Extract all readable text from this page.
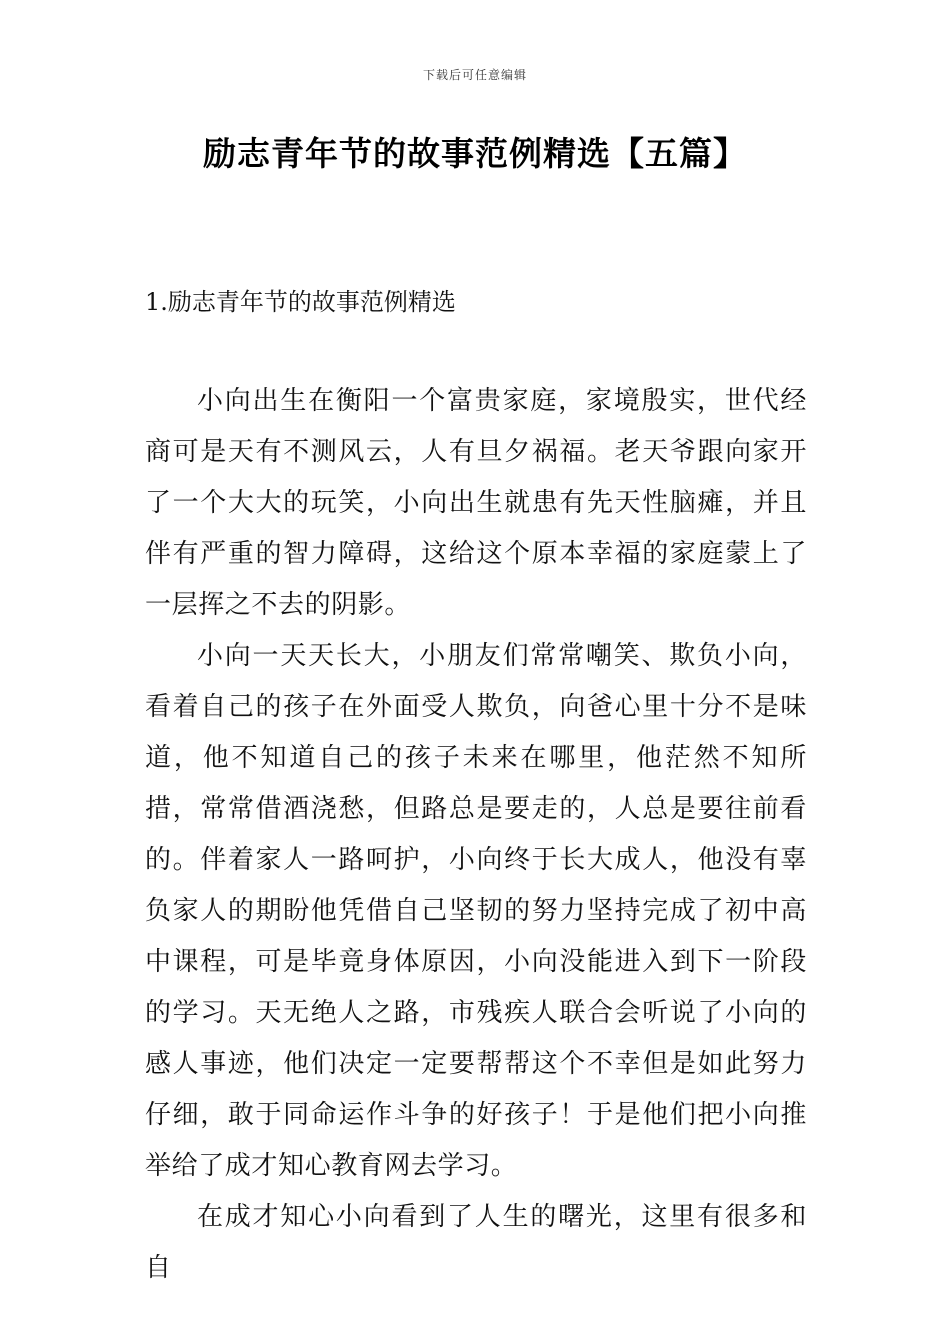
下载后可任意编辑
励志青年节的故事范例精选【五篇】
1.励志青年节的故事范例精选

小向出生在衡阳一个富贵家庭，家境殷实，世代经商可是天有不测风云，人有旦夕祸福。老天爷跟向家开了一个大大的玩笑，小向出生就患有先天性脑瘫，并且伴有严重的智力障碍，这给这个原本幸福的家庭蒙上了一层挥之不去的阴影。

小向一天天长大，小朋友们常常嘲笑、欺负小向，看着自己的孩子在外面受人欺负，向爸心里十分不是味道，他不知道自己的孩子未来在哪里，他茫然不知所措，常常借酒浇愁，但路总是要走的，人总是要往前看的。伴着家人一路呵护，小向终于长大成人，他没有辜负家人的期盼他凭借自己坚韧的努力坚持完成了初中高中课程，可是毕竟身体原因，小向没能进入到下一阶段的学习。天无绝人之路，市残疾人联合会听说了小向的感人事迹，他们决定一定要帮帮这个不幸但是如此努力仔细，敢于同命运作斗争的好孩子！于是他们把小向推举给了成才知心教育网去学习。

在成才知心小向看到了人生的曙光，这里有很多和自
